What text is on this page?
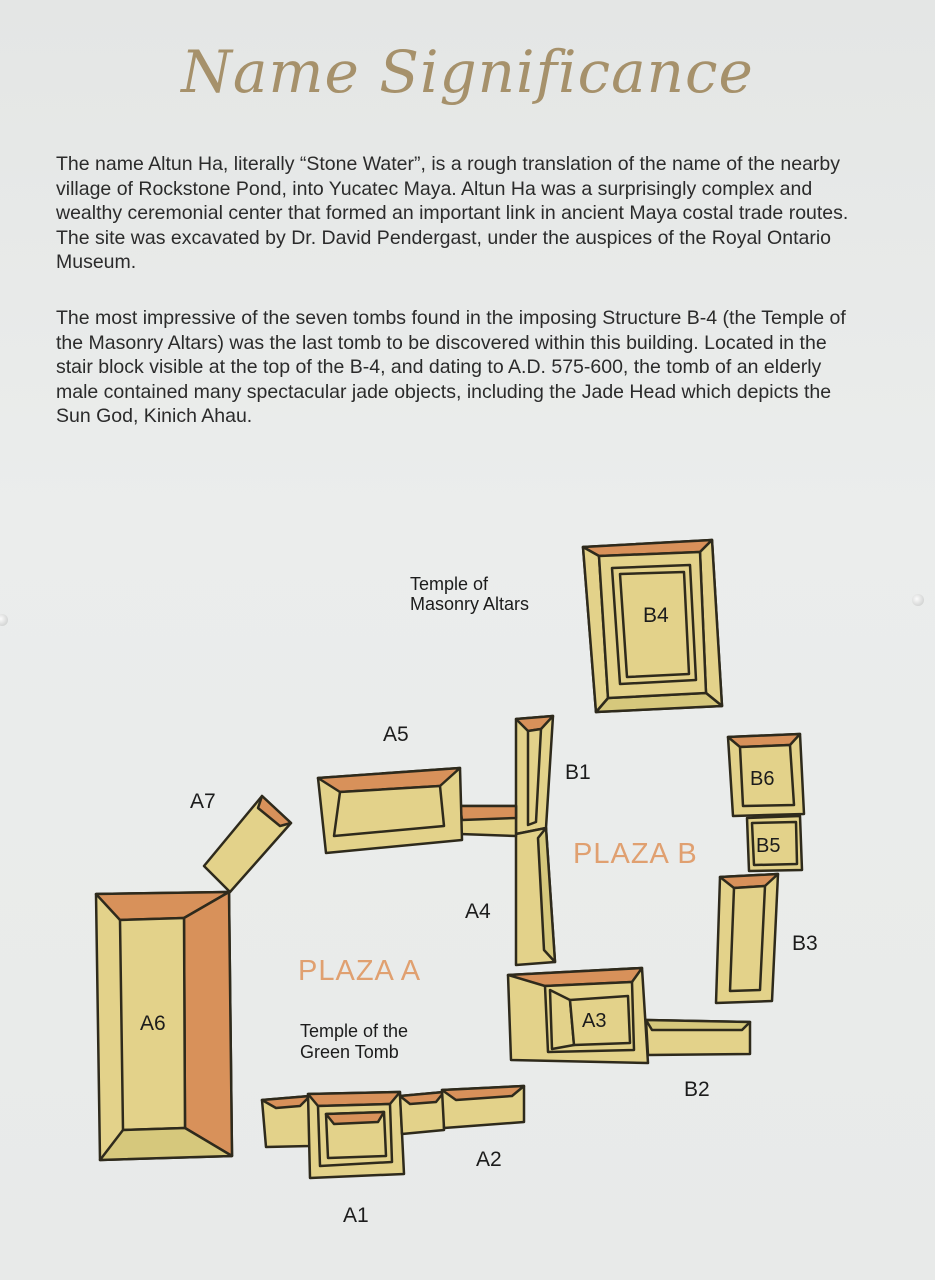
Name Significance
The name Altun Ha, literally “Stone Water”, is a rough translation of the name of the nearby village of Rockstone Pond, into Yucatec Maya. Altun Ha was a surprisingly complex and wealthy ceremonial center that formed an important link in ancient Maya costal trade routes. The site was excavated by Dr. David Pendergast, under the auspices of the Royal Ontario Museum.
The most impressive of the seven tombs found in the imposing Structure B-4 (the Temple of the Masonry Altars) was the last tomb to be discovered within this building. Located in the stair block visible at the top of the B-4, and dating to A.D. 575-600, the tomb of an elderly male contained many spectacular jade objects, including the Jade Head which depicts the Sun God, Kinich Ahau.
B4
B6
B5
B3
B2
B1
A5
A7
A4
A6	A3
A2
A1
PLAZA A
PLAZA B
Temple of
Masonry Altars
Temple of the
Green Tomb
